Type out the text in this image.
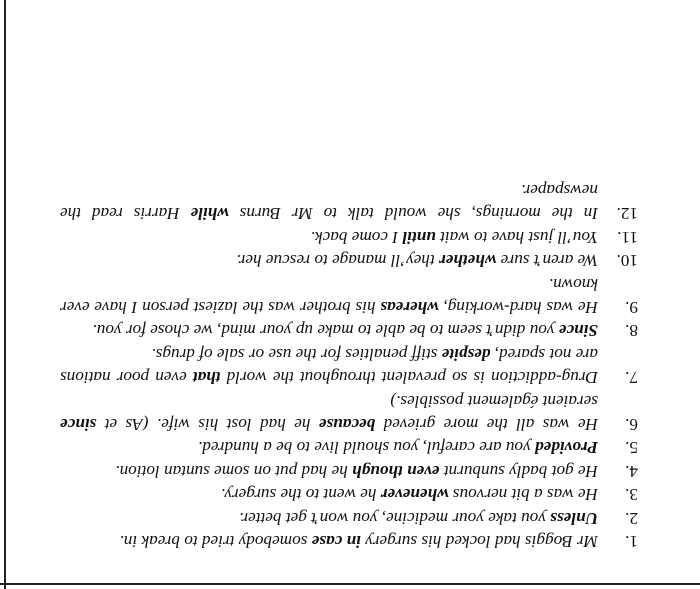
1.
Mr Boggis had locked his surgery in case somebody tried to break in.
2.
Unless you take your medicine, you won’t get better.
3.
He was a bit nervous whenever he went to the surgery.
4.
He got badly sunburnt even though he had put on some suntan lotion.
5.
Provided you are careful, you should live to be a hundred.
6.
He was all the more grieved because he had lost his wife. (As et since seraient également possibles.)
7.
Drug-addiction is so prevalent throughout the world that even poor nations are not spared, despite stiff penalties for the use or sale of drugs.
8.
Since you didn’t seem to be able to make up your mind, we chose for you.
9.
He was hard-working, whereas his brother was the laziest person I have ever known.
10.
We aren’t sure whether they’ll manage to rescue her.
11.
You’ll just have to wait until I come back.
12.
In the mornings, she would talk to Mr Burns while Harris read the newspaper.
